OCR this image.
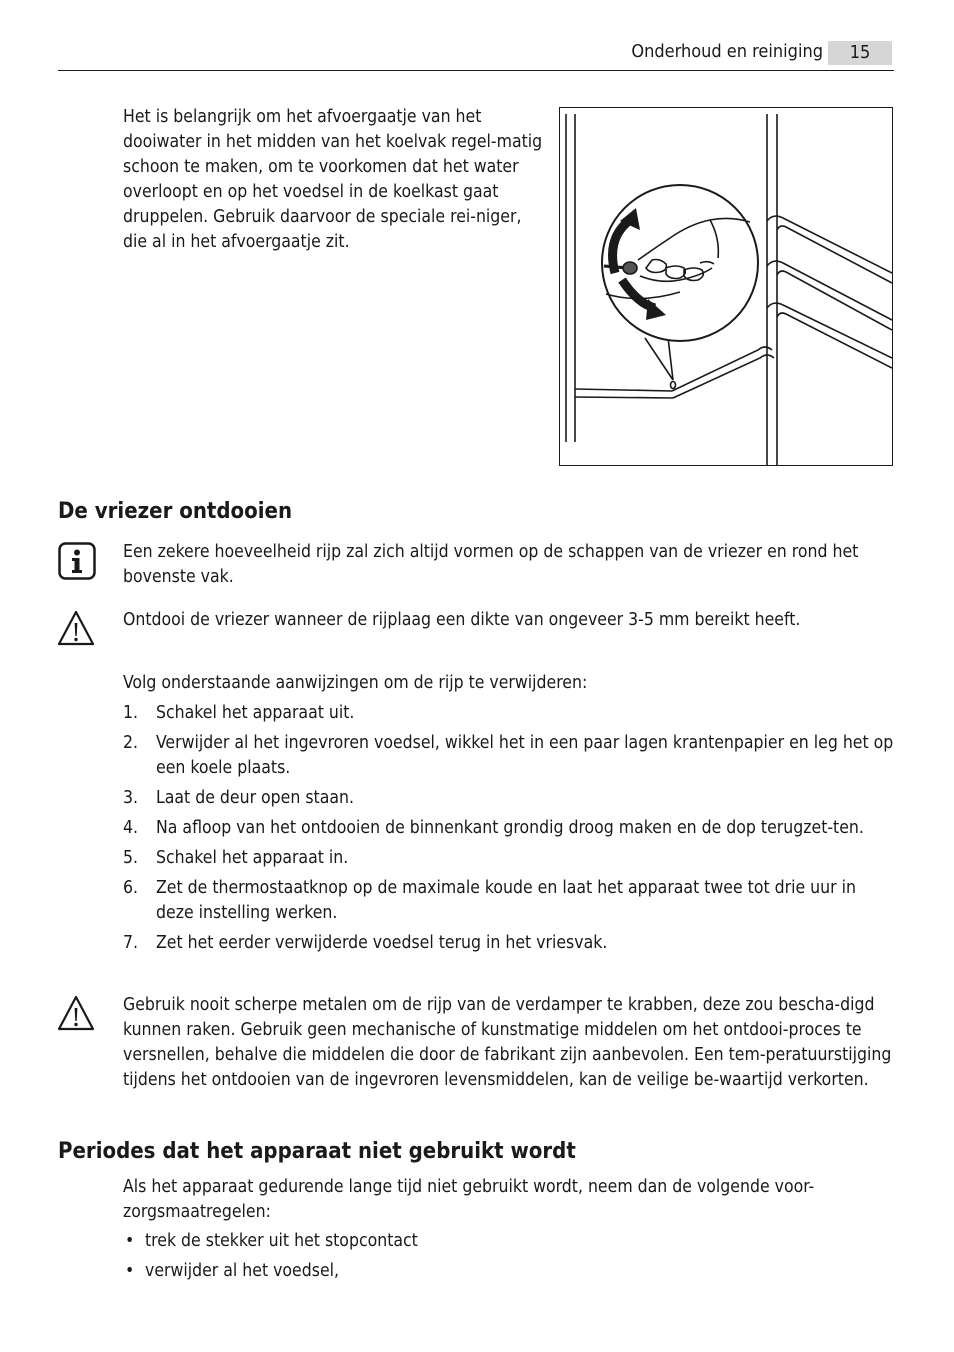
Onderhoud en reiniging	15

Het is belangrijk om het afvoergaatje van het dooiwater in het midden van het koelvak regel-matig schoon te maken, om te voorkomen dat het water overloopt en op het voedsel in de koelkast gaat druppelen. Gebruik daarvoor de speciale rei-niger, die al in het afvoergaatje zit.

De vriezer ontdooien

Een zekere hoeveelheid rijp zal zich altijd vormen op de schappen van de vriezer en rond het bovenste vak.

Ontdooi de vriezer wanneer de rijplaag een dikte van ongeveer 3-5 mm bereikt heeft.

Volg onderstaande aanwijzingen om de rijp te verwijderen:

1. Schakel het apparaat uit.
2. Verwijder al het ingevroren voedsel, wikkel het in een paar lagen krantenpapier en leg het op een koele plaats.
3. Laat de deur open staan.
4. Na afloop van het ontdooien de binnenkant grondig droog maken en de dop terugzet-ten.
5. Schakel het apparaat in.
6. Zet de thermostaatknop op de maximale koude en laat het apparaat twee tot drie uur in deze instelling werken.
7. Zet het eerder verwijderde voedsel terug in het vriesvak.

Gebruik nooit scherpe metalen om de rijp van de verdamper te krabben, deze zou bescha-digd kunnen raken. Gebruik geen mechanische of kunstmatige middelen om het ontdooi-proces te versnellen, behalve die middelen die door de fabrikant zijn aanbevolen. Een tem-peratuurstijging tijdens het ontdooien van de ingevroren levensmiddelen, kan de veilige be-waartijd verkorten.

Periodes dat het apparaat niet gebruikt wordt

Als het apparaat gedurende lange tijd niet gebruikt wordt, neem dan de volgende voor-zorgsmaatregelen:

• trek de stekker uit het stopcontact
• verwijder al het voedsel,
